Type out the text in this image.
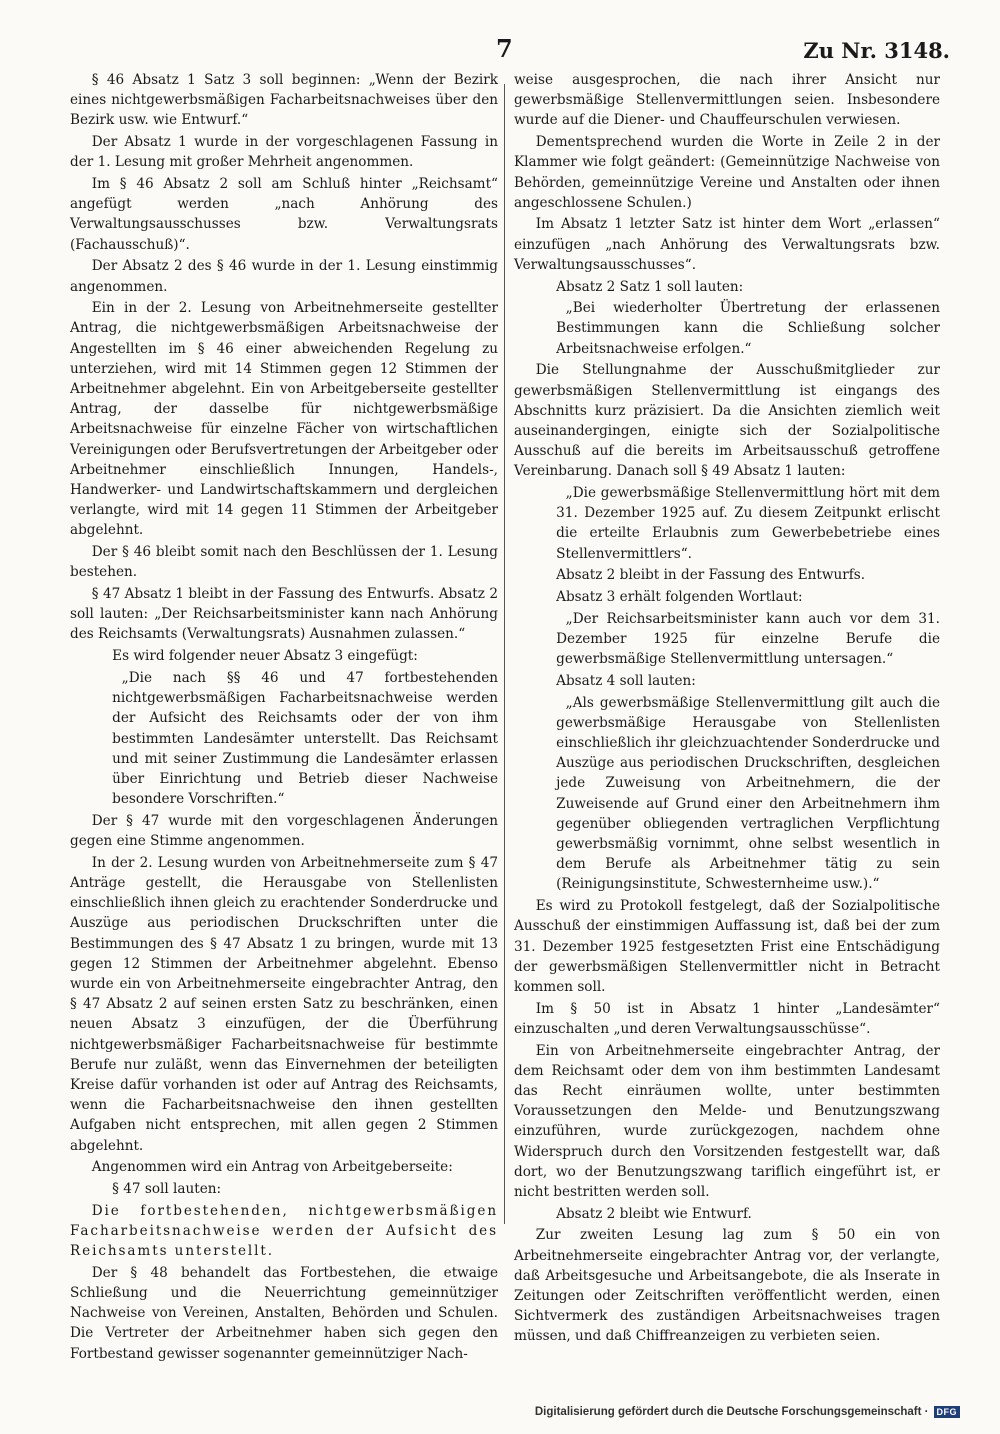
7	Zu Nr. 3148.

§ 46 Absatz 1 Satz 3 soll beginnen: „Wenn der Bezirk eines nichtgewerbsmäßigen Facharbeitsnachweises über den Bezirk usw. wie Entwurf.“

Der Absatz 1 wurde in der vorgeschlagenen Fassung in der 1. Lesung mit großer Mehrheit angenommen.

Im § 46 Absatz 2 soll am Schluß hinter „Reichsamt“ angefügt werden „nach Anhörung des Verwaltungsausschusses bzw. Verwaltungsrats (Fachausschuß)“.

Der Absatz 2 des § 46 wurde in der 1. Lesung einstimmig angenommen.

Ein in der 2. Lesung von Arbeitnehmerseite gestellter Antrag, die nichtgewerbsmäßigen Arbeitsnachweise der Angestellten im § 46 einer abweichenden Regelung zu unterziehen, wird mit 14 Stimmen gegen 12 Stimmen der Arbeitnehmer abgelehnt. Ein von Arbeitgeberseite gestellter Antrag, der dasselbe für nichtgewerbsmäßige Arbeitsnachweise für einzelne Fächer von wirtschaftlichen Vereinigungen oder Berufsvertretungen der Arbeitgeber oder Arbeitnehmer einschließlich Innungen, Handels-, Handwerker- und Landwirtschaftskammern und dergleichen verlangte, wird mit 14 gegen 11 Stimmen der Arbeitgeber abgelehnt.

Der § 46 bleibt somit nach den Beschlüssen der 1. Lesung bestehen.

§ 47 Absatz 1 bleibt in der Fassung des Entwurfs. Absatz 2 soll lauten: „Der Reichsarbeitsminister kann nach Anhörung des Reichsamts (Verwaltungsrats) Ausnahmen zulassen.“

Es wird folgender neuer Absatz 3 eingefügt:

„Die nach §§ 46 und 47 fortbestehenden nichtgewerbsmäßigen Facharbeitsnachweise werden der Aufsicht des Reichsamts oder der von ihm bestimmten Landesämter unterstellt. Das Reichsamt und mit seiner Zustimmung die Landesämter erlassen über Einrichtung und Betrieb dieser Nachweise besondere Vorschriften.“

Der § 47 wurde mit den vorgeschlagenen Änderungen gegen eine Stimme angenommen.

In der 2. Lesung wurden von Arbeitnehmerseite zum § 47 Anträge gestellt, die Herausgabe von Stellenlisten einschließlich ihnen gleich zu erachtender Sonderdrucke und Auszüge aus periodischen Druckschriften unter die Bestimmungen des § 47 Absatz 1 zu bringen, wurde mit 13 gegen 12 Stimmen der Arbeitnehmer abgelehnt. Ebenso wurde ein von Arbeitnehmerseite eingebrachter Antrag, den § 47 Absatz 2 auf seinen ersten Satz zu beschränken, einen neuen Absatz 3 einzufügen, der die Überführung nichtgewerbsmäßiger Facharbeitsnachweise für bestimmte Berufe nur zuläßt, wenn das Einvernehmen der beteiligten Kreise dafür vorhanden ist oder auf Antrag des Reichsamts, wenn die Facharbeitsnachweise den ihnen gestellten Aufgaben nicht entsprechen, mit allen gegen 2 Stimmen abgelehnt.

Angenommen wird ein Antrag von Arbeitgeberseite:

§ 47 soll lauten:

Die fortbestehenden, nichtgewerbsmäßigen Facharbeitsnachweise werden der Aufsicht des Reichsamts unterstellt.

Der § 48 behandelt das Fortbestehen, die etwaige Schließung und die Neuerrichtung gemeinnütziger Nachweise von Vereinen, Anstalten, Behörden und Schulen. Die Vertreter der Arbeitnehmer haben sich gegen den Fortbestand gewisser sogenannter gemeinnütziger Nach-

weise ausgesprochen, die nach ihrer Ansicht nur gewerbsmäßige Stellenvermittlungen seien. Insbesondere wurde auf die Diener- und Chauffeurschulen verwiesen.

Dementsprechend wurden die Worte in Zeile 2 in der Klammer wie folgt geändert: (Gemeinnützige Nachweise von Behörden, gemeinnützige Vereine und Anstalten oder ihnen angeschlossene Schulen.)

Im Absatz 1 letzter Satz ist hinter dem Wort „erlassen“ einzufügen „nach Anhörung des Verwaltungsrats bzw. Verwaltungsausschusses“.

Absatz 2 Satz 1 soll lauten:

„Bei wiederholter Übertretung der erlassenen Bestimmungen kann die Schließung solcher Arbeitsnachweise erfolgen.“

Die Stellungnahme der Ausschußmitglieder zur gewerbsmäßigen Stellenvermittlung ist eingangs des Abschnitts kurz präzisiert. Da die Ansichten ziemlich weit auseinandergingen, einigte sich der Sozialpolitische Ausschuß auf die bereits im Arbeitsausschuß getroffene Vereinbarung. Danach soll § 49 Absatz 1 lauten:

„Die gewerbsmäßige Stellenvermittlung hört mit dem 31. Dezember 1925 auf. Zu diesem Zeitpunkt erlischt die erteilte Erlaubnis zum Gewerbebetriebe eines Stellenvermittlers“.

Absatz 2 bleibt in der Fassung des Entwurfs.

Absatz 3 erhält folgenden Wortlaut:

„Der Reichsarbeitsminister kann auch vor dem 31. Dezember 1925 für einzelne Berufe die gewerbsmäßige Stellenvermittlung untersagen.“

Absatz 4 soll lauten:

„Als gewerbsmäßige Stellenvermittlung gilt auch die gewerbsmäßige Herausgabe von Stellenlisten einschließlich ihr gleichzuachtender Sonderdrucke und Auszüge aus periodischen Druckschriften, desgleichen jede Zuweisung von Arbeitnehmern, die der Zuweisende auf Grund einer den Arbeitnehmern ihm gegenüber obliegenden vertraglichen Verpflichtung gewerbsmäßig vornimmt, ohne selbst wesentlich in dem Berufe als Arbeitnehmer tätig zu sein (Reinigungsinstitute, Schwesternheime usw.).“

Es wird zu Protokoll festgelegt, daß der Sozialpolitische Ausschuß der einstimmigen Auffassung ist, daß bei der zum 31. Dezember 1925 festgesetzten Frist eine Entschädigung der gewerbsmäßigen Stellenvermittler nicht in Betracht kommen soll.

Im § 50 ist in Absatz 1 hinter „Landesämter“ einzuschalten „und deren Verwaltungsausschüsse“.

Ein von Arbeitnehmerseite eingebrachter Antrag, der dem Reichsamt oder dem von ihm bestimmten Landesamt das Recht einräumen wollte, unter bestimmten Voraussetzungen den Melde- und Benutzungszwang einzuführen, wurde zurückgezogen, nachdem ohne Widerspruch durch den Vorsitzenden festgestellt war, daß dort, wo der Benutzungszwang tariflich eingeführt ist, er nicht bestritten werden soll.

Absatz 2 bleibt wie Entwurf.

Zur zweiten Lesung lag zum § 50 ein von Arbeitnehmerseite eingebrachter Antrag vor, der verlangte, daß Arbeitsgesuche und Arbeitsangebote, die als Inserate in Zeitungen oder Zeitschriften veröffentlicht werden, einen Sichtvermerk des zuständigen Arbeitsnachweises tragen müssen, und daß Chiffreanzeigen zu verbieten seien.

Digitalisierung gefördert durch die Deutsche Forschungsgemeinschaft · DFG
